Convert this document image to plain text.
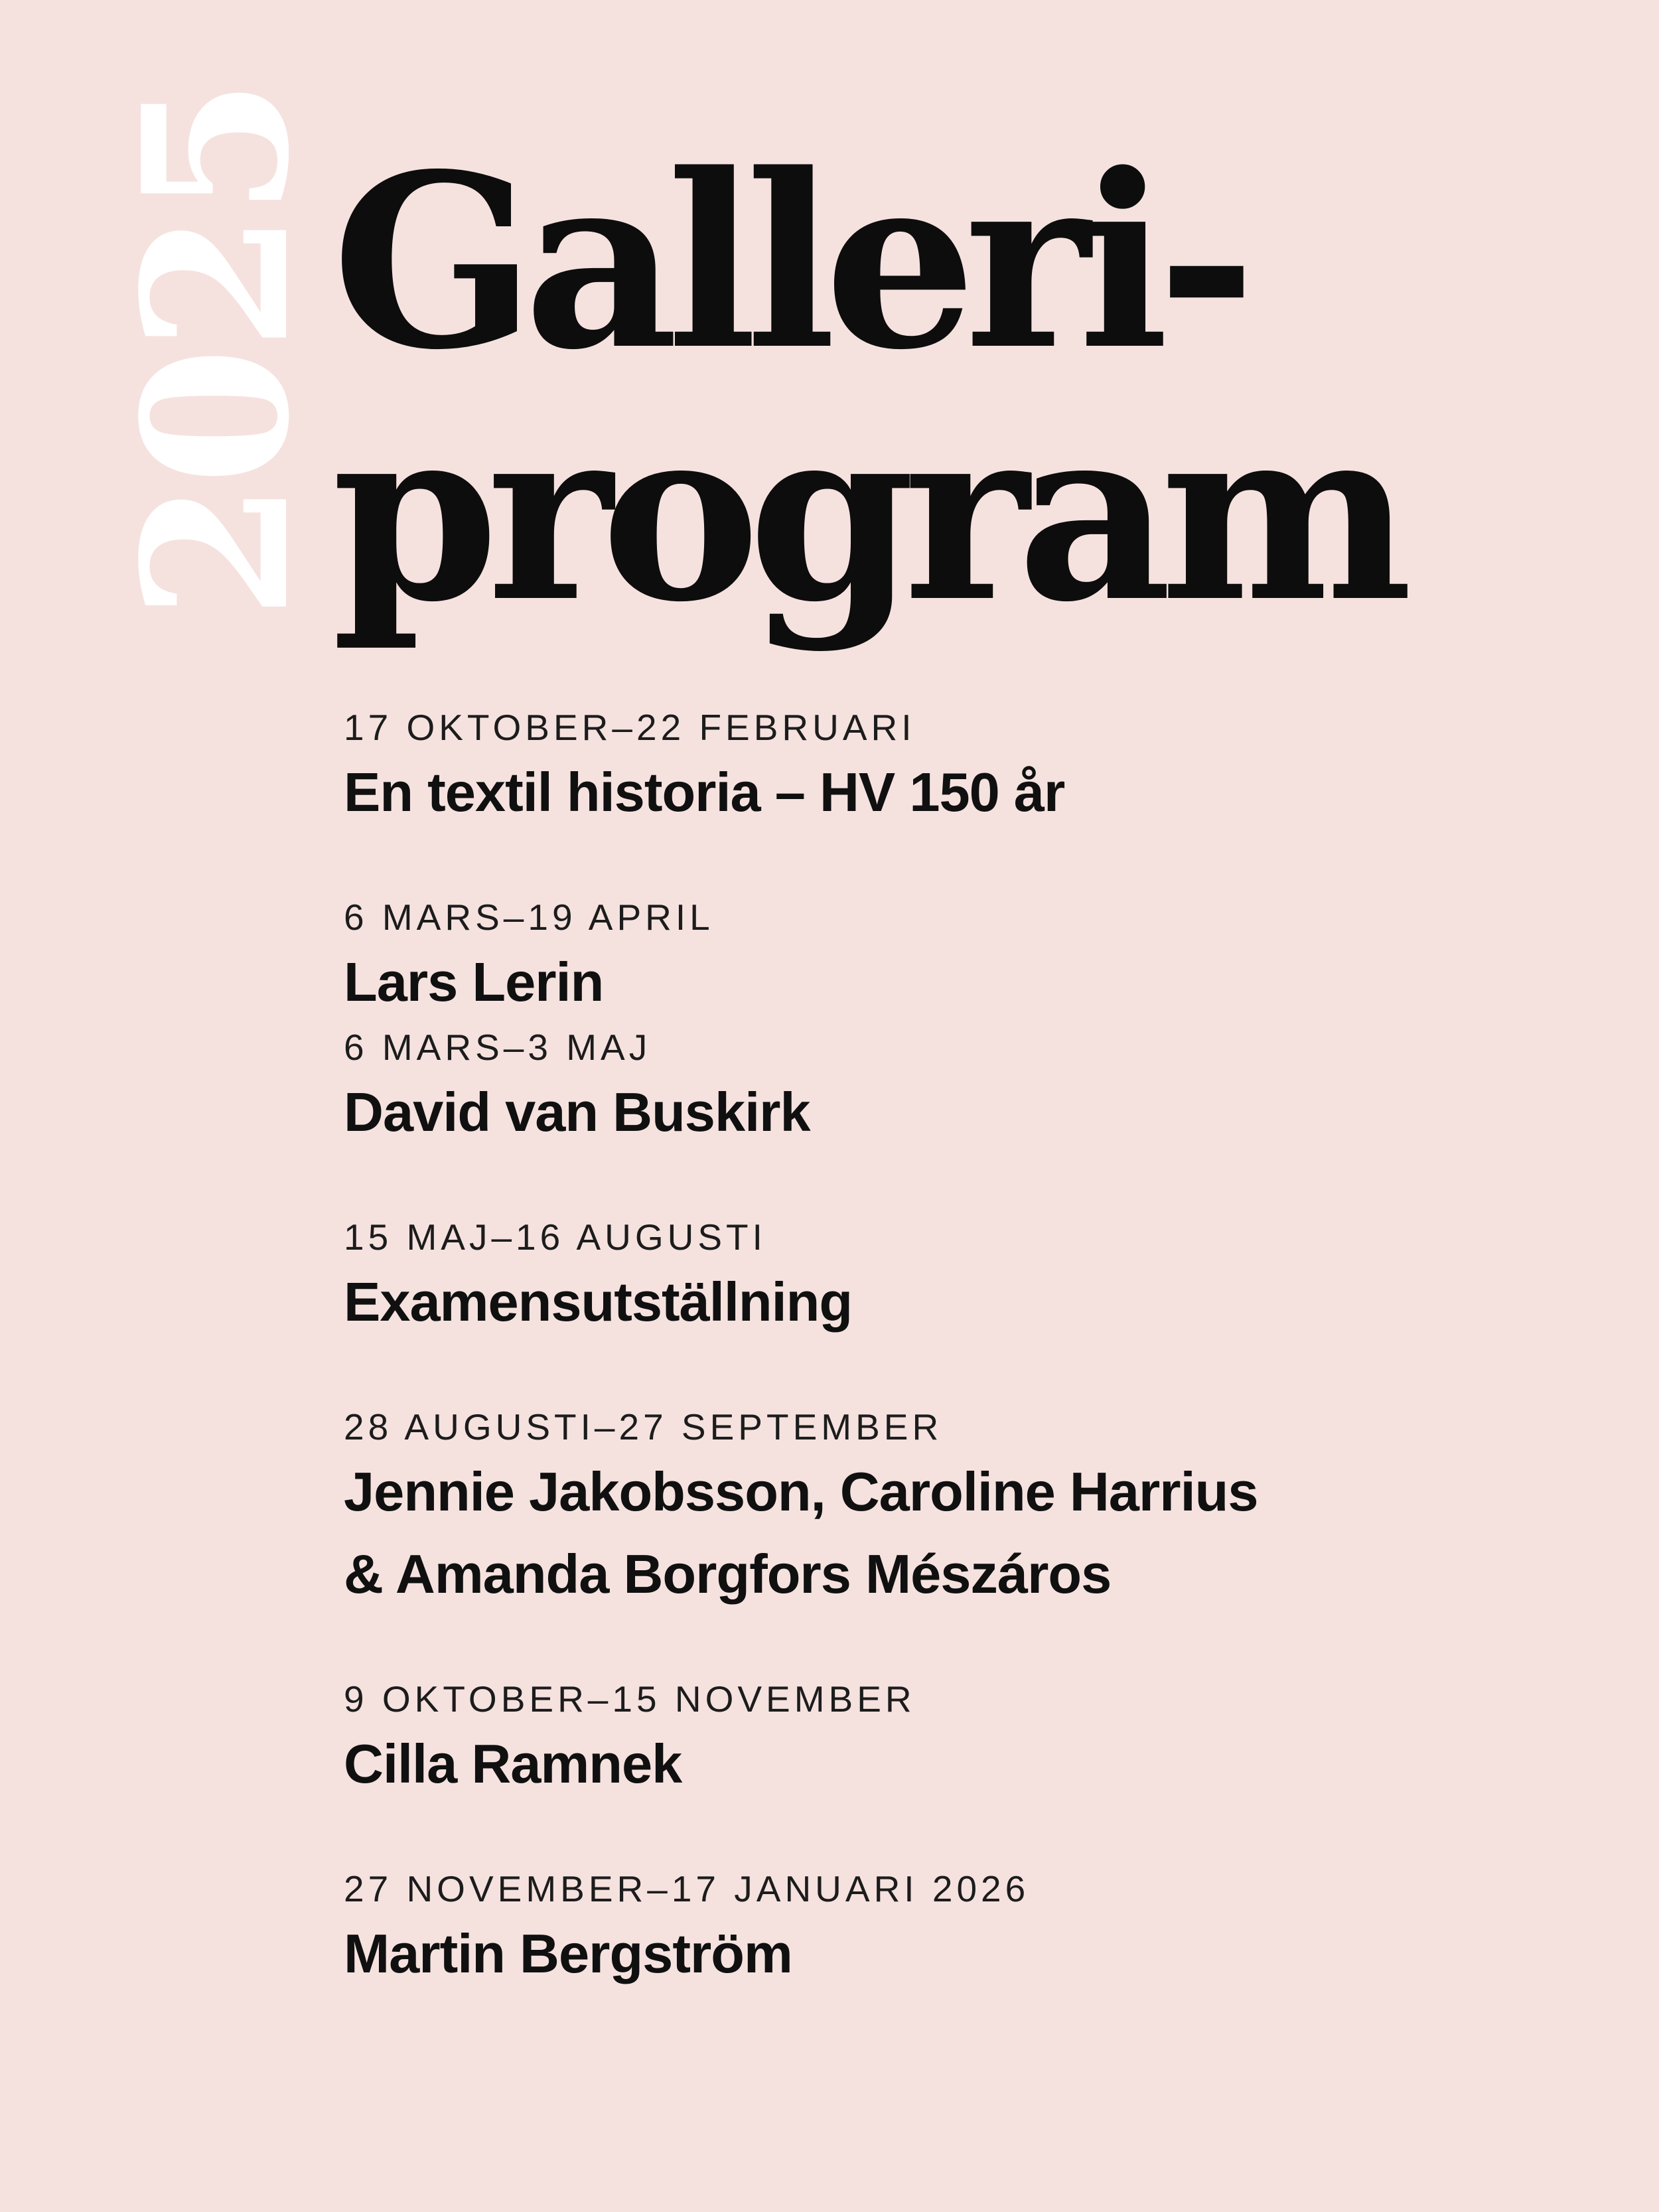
2025
Galleri-
program
17 OKTOBER–22 FEBRUARI
En textil historia – HV 150 år
6 MARS–19 APRIL
Lars Lerin
6 MARS–3 MAJ
David van Buskirk
15 MAJ–16 AUGUSTI
Examensutställning
28 AUGUSTI–27 SEPTEMBER
Jennie Jakobsson, Caroline Harrius
& Amanda Borgfors Mészáros
9 OKTOBER–15 NOVEMBER
Cilla Ramnek
27 NOVEMBER–17 JANUARI 2026
Martin Bergström
